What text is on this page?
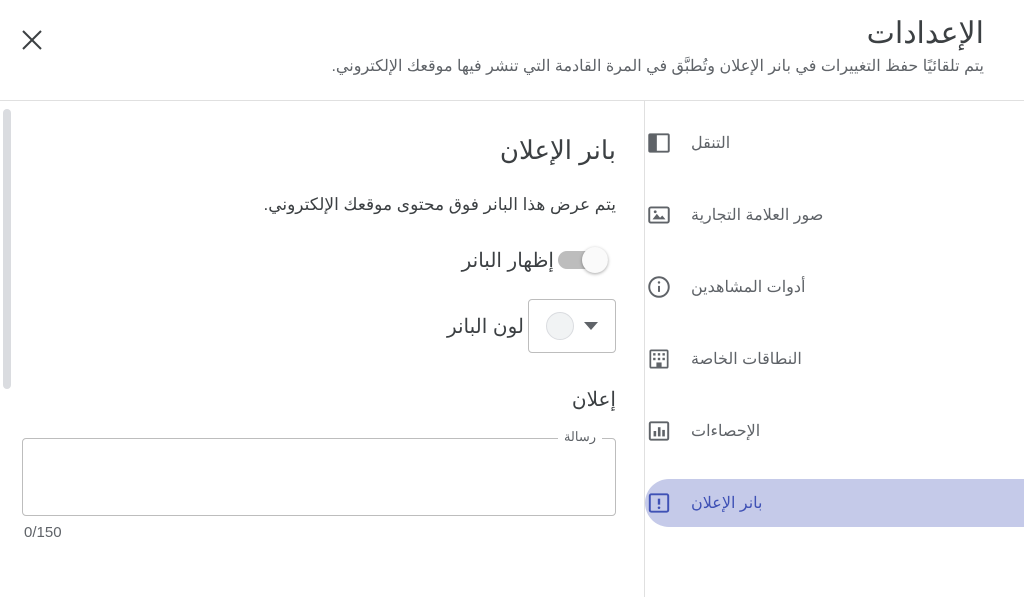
الإعدادات

يتم تلقائيًا حفظ التغييرات في بانر الإعلان وتُطبَّق في المرة القادمة التي تنشر فيها موقعك الإلكتروني.

التنقل
صور العلامة التجارية
أدوات المشاهدين
النطاقات الخاصة
الإحصاءات
بانر الإعلان
بانر الإعلان

يتم عرض هذا البانر فوق محتوى موقعك الإلكتروني.

إظهار البانر
لون البانر
إعلان
رسالة
0/150
